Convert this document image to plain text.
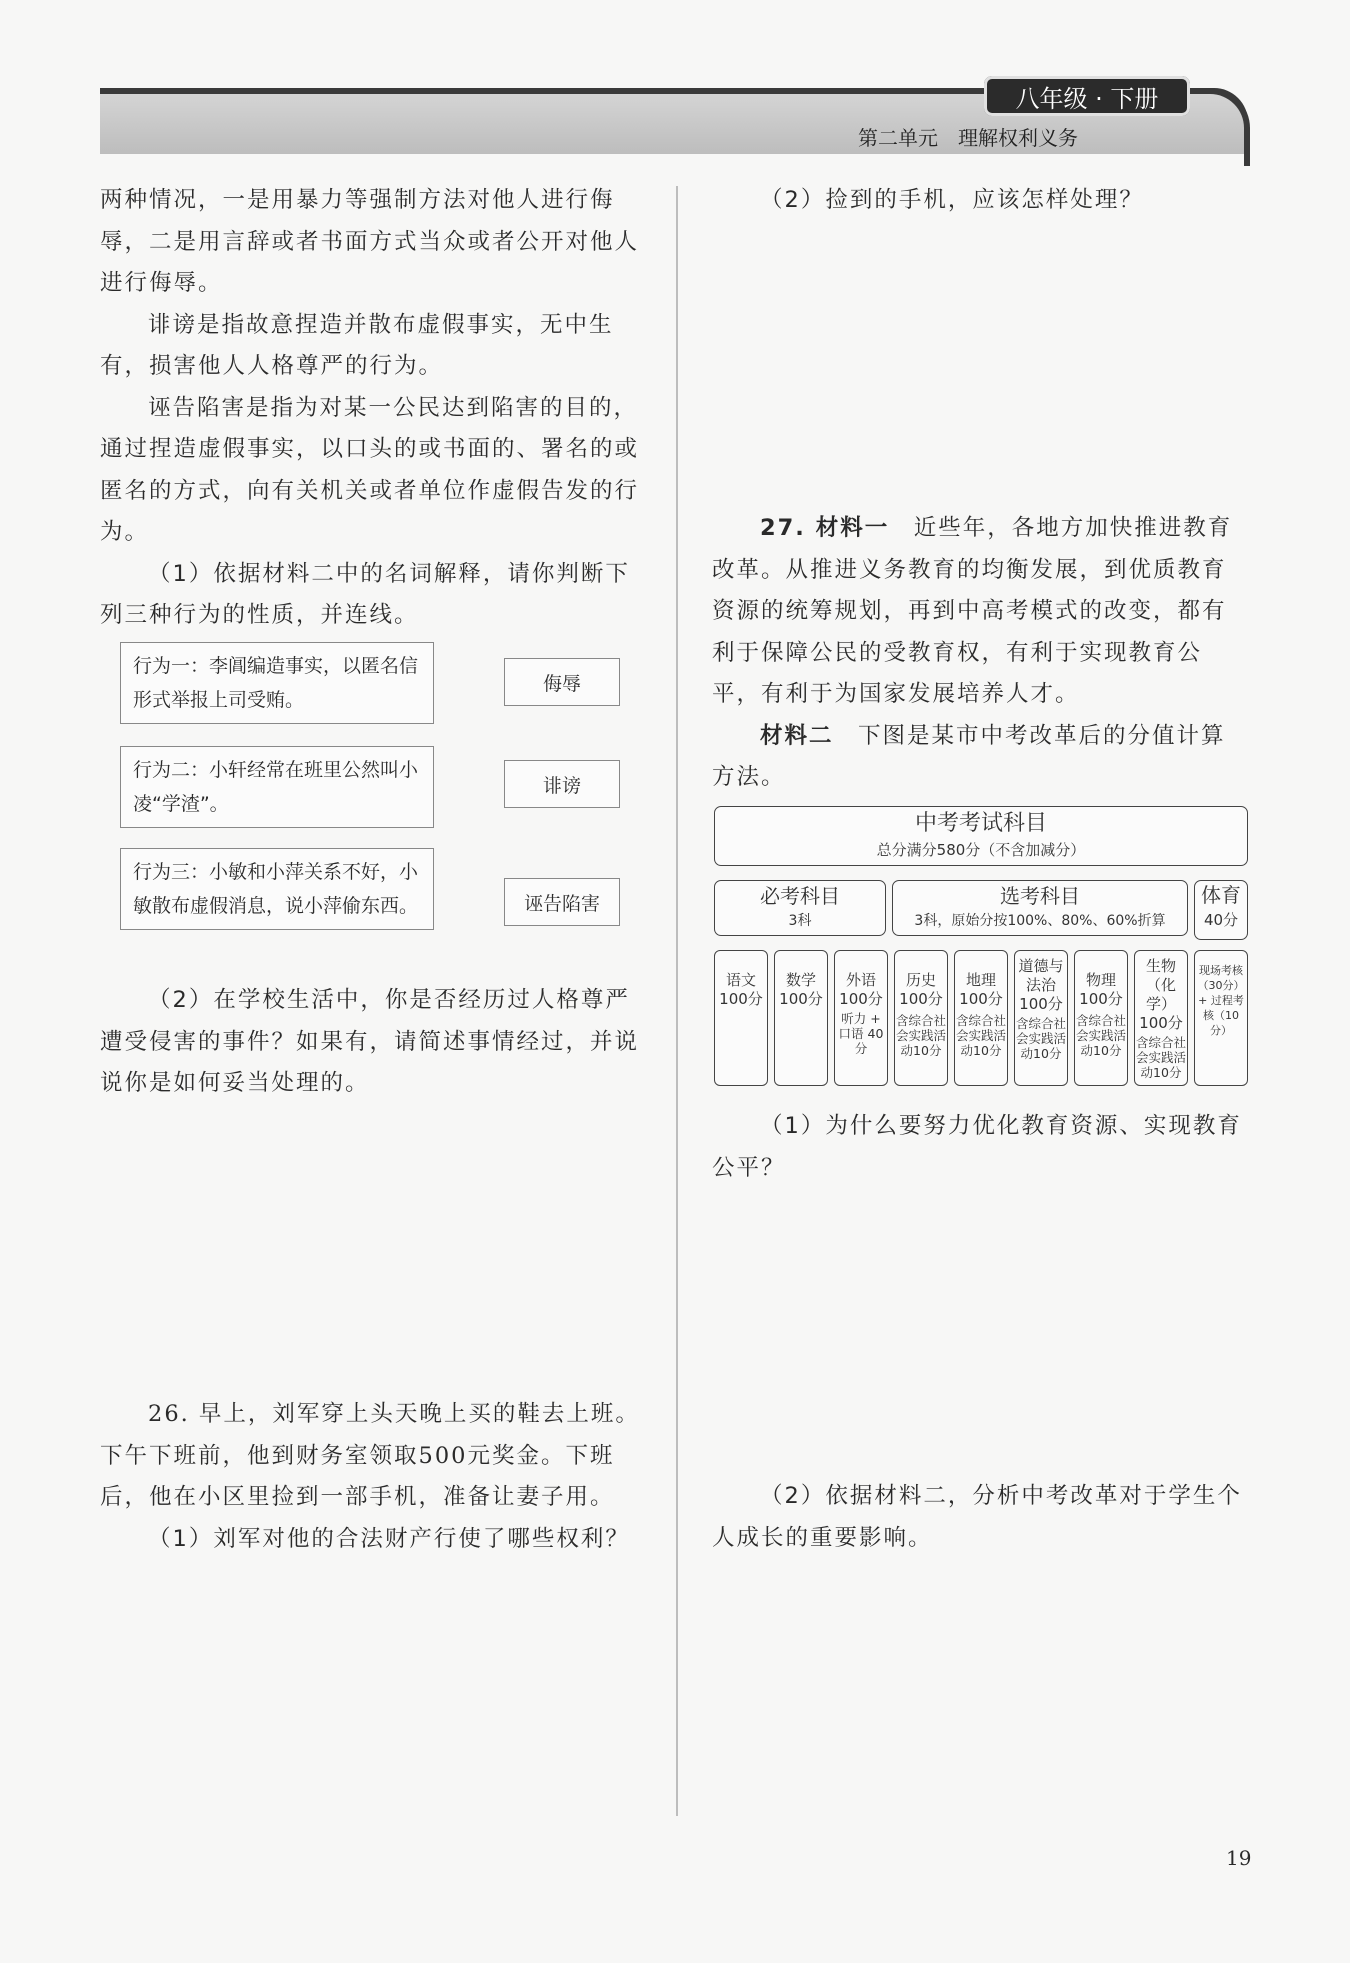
八年级 · 下册
第二单元　理解权利义务

两种情况，一是用暴力等强制方法对他人进行侮辱，二是用言辞或者书面方式当众或者公开对他人进行侮辱。

诽谤是指故意捏造并散布虚假事实，无中生有，损害他人人格尊严的行为。

诬告陷害是指为对某一公民达到陷害的目的，通过捏造虚假事实，以口头的或书面的、署名的或匿名的方式，向有关机关或者单位作虚假告发的行为。

（1）依据材料二中的名词解释，请你判断下列三种行为的性质，并连线。

行为一：李阊编造事实，以匿名信形式举报上司受贿。
行为二：小轩经常在班里公然叫小凌“学渣”。
行为三：小敏和小萍关系不好，小敏散布虚假消息，说小萍偷东西。
侮辱
诽谤
诬告陷害

（2）在学校生活中，你是否经历过人格尊严遭受侵害的事件？如果有，请简述事情经过，并说说你是如何妥当处理的。

26. 早上，刘军穿上头天晚上买的鞋去上班。下午下班前，他到财务室领取500元奖金。下班后，他在小区里捡到一部手机，准备让妻子用。

（1）刘军对他的合法财产行使了哪些权利？

（2）捡到的手机，应该怎样处理？

27. 材料一　 近些年，各地方加快推进教育改革。从推进义务教育的均衡发展，到优质教育资源的统筹规划，再到中高考模式的改变，都有利于保障公民的受教育权，有利于实现教育公平，有利于为国家发展培养人才。

材料二　 下图是某市中考改革后的分值计算方法。

中考考试科目
总分满分580分（不含加减分）
必考科目
3科
选考科目
3科，原始分按100%、80%、60%折算
体育
40分
语文
100分
数学
100分
外语
100分
听力 + 口语 40分
历史
100分
含综合社会实践活动10分
地理
100分
含综合社会实践活动10分
道德与法治
100分
含综合社会实践活动10分
物理
100分
含综合社会实践活动10分
生物（化学）
100分
含综合社会实践活动10分
现场考核（30分）+ 过程考核（10分）

（1）为什么要努力优化教育资源、实现教育公平？

（2）依据材料二，分析中考改革对于学生个人成长的重要影响。

19
